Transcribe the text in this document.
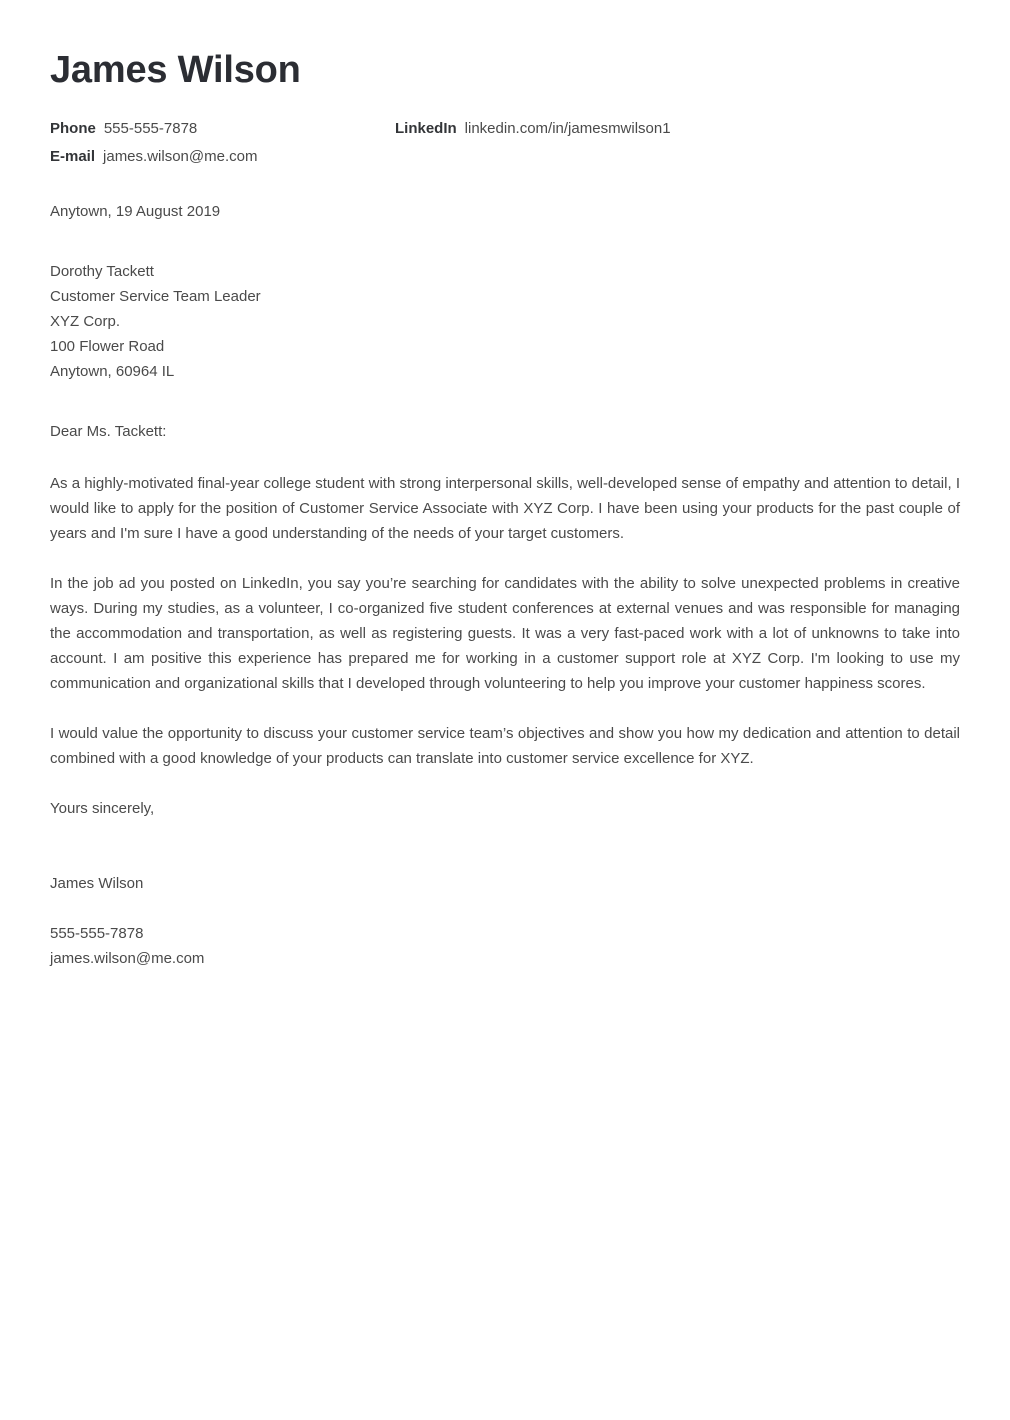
James Wilson
Phone 555-555-7878	LinkedIn linkedin.com/in/jamesmwilson1
E-mail james.wilson@me.com
Anytown, 19 August 2019
Dorothy Tackett
Customer Service Team Leader
XYZ Corp.
100 Flower Road
Anytown, 60964 IL
Dear Ms. Tackett:

As a highly-motivated final-year college student with strong interpersonal skills, well-developed sense of empathy and attention to detail, I would like to apply for the position of Customer Service Associate with XYZ Corp. I have been using your products for the past couple of years and I'm sure I have a good understanding of the needs of your target customers.

In the job ad you posted on LinkedIn, you say you’re searching for candidates with the ability to solve unexpected problems in creative ways. During my studies, as a volunteer, I co-organized five student conferences at external venues and was responsible for managing the accommodation and transportation, as well as registering guests. It was a very fast-paced work with a lot of unknowns to take into account. I am positive this experience has prepared me for working in a customer support role at XYZ Corp. I'm looking to use my communication and organizational skills that I developed through volunteering to help you improve your customer happiness scores.

I would value the opportunity to discuss your customer service team’s objectives and show you how my dedication and attention to detail combined with a good knowledge of your products can translate into customer service excellence for XYZ.

Yours sincerely,
James Wilson
555-555-7878
james.wilson@me.com
